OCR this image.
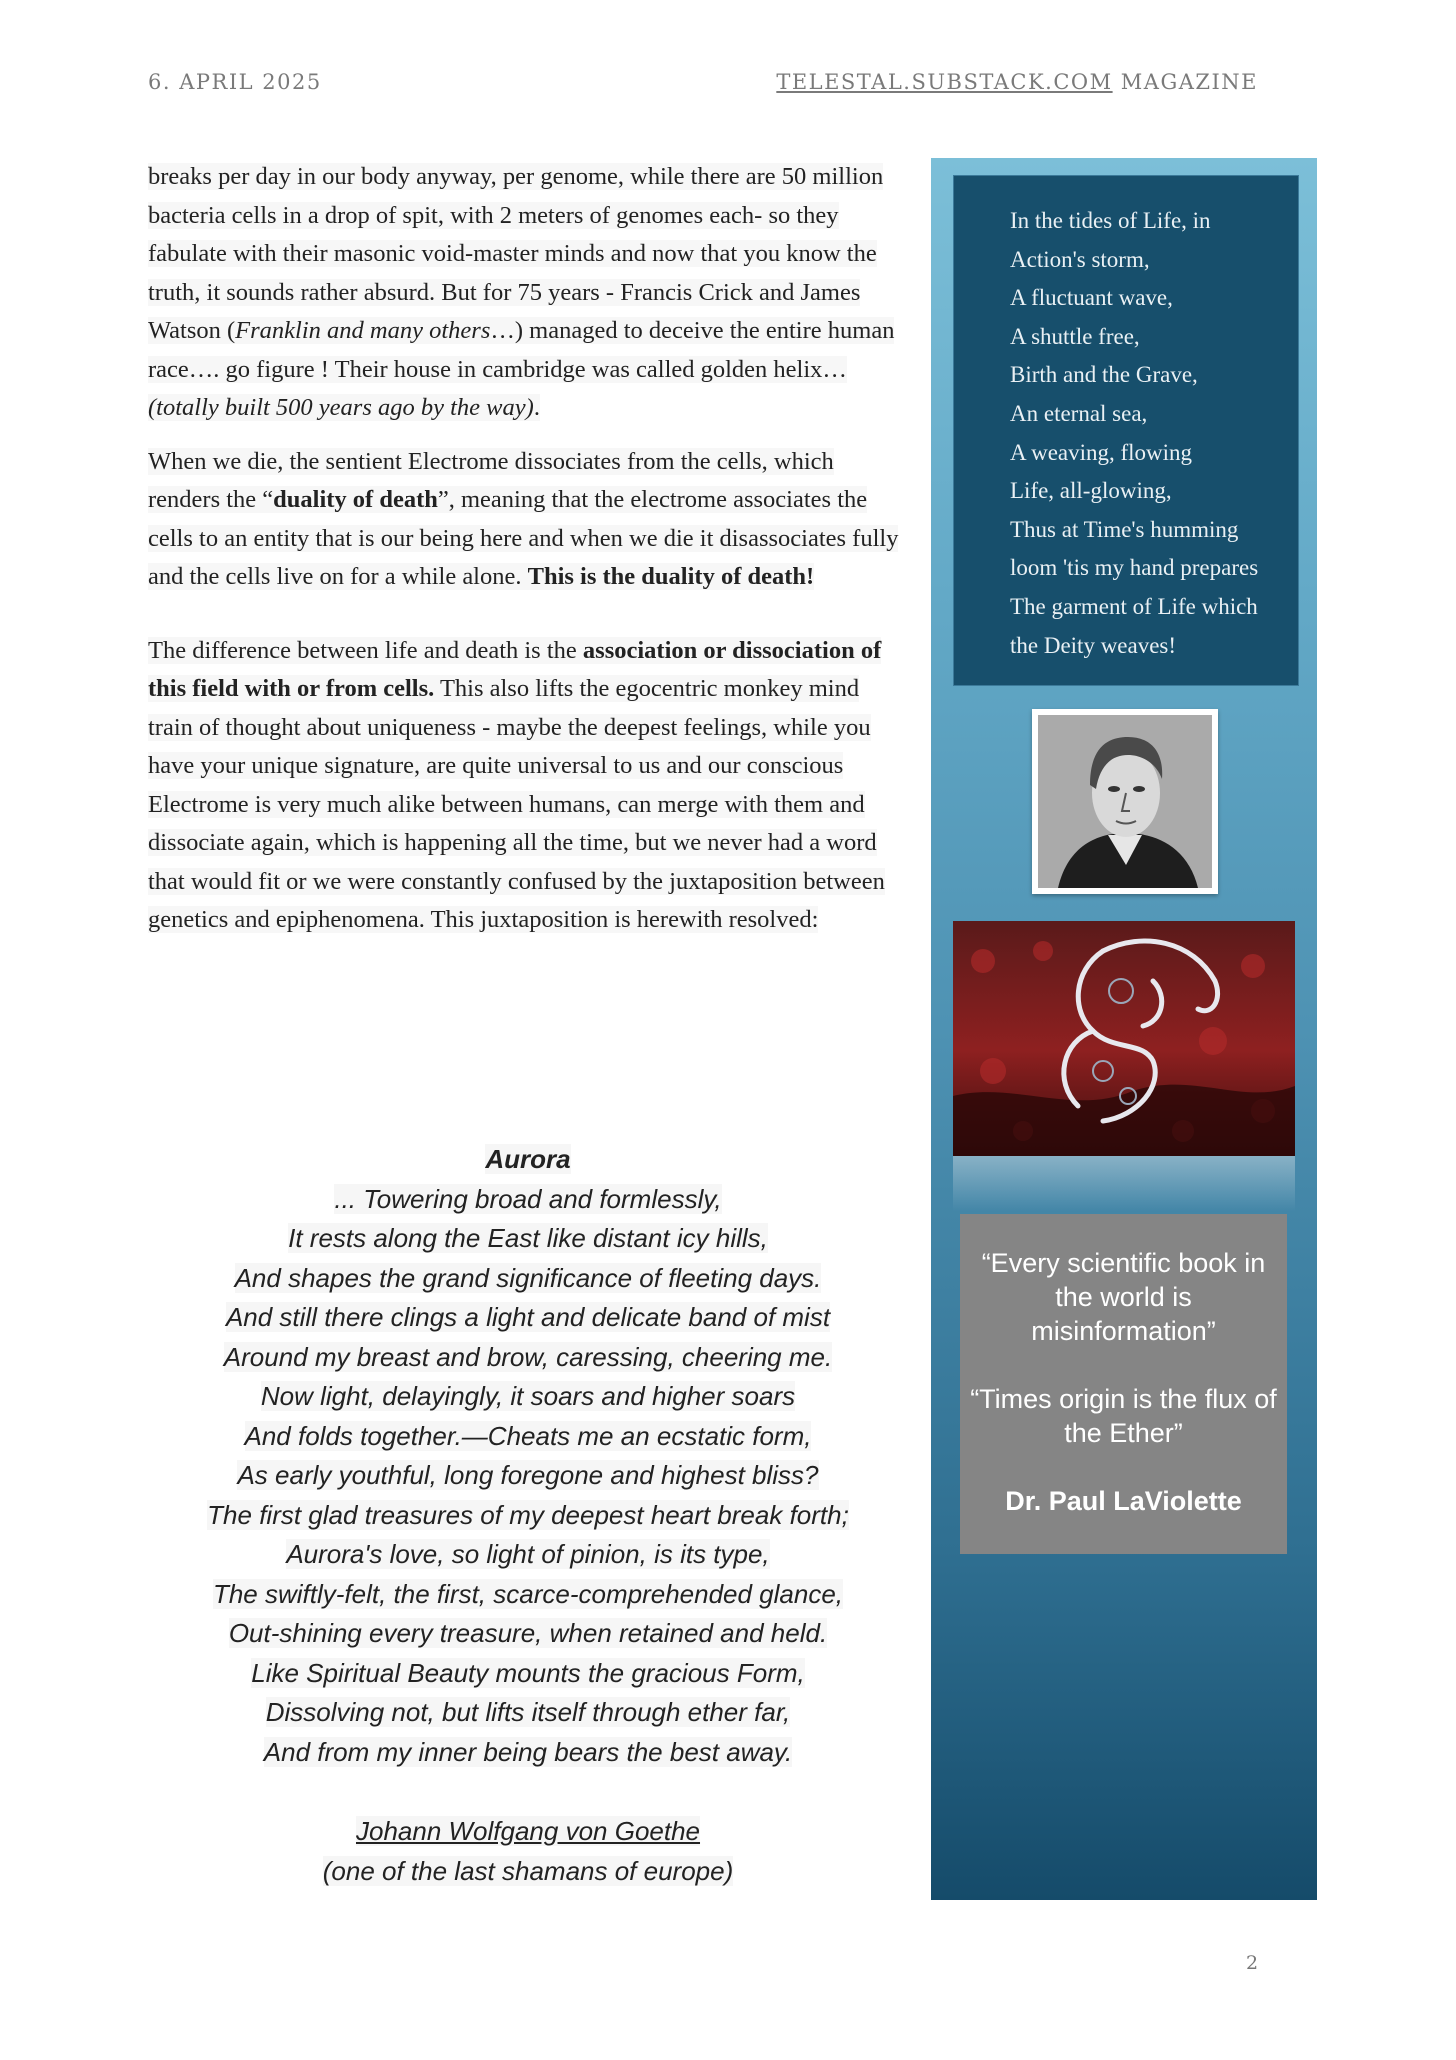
6. APRIL 2025	TELESTAL.SUBSTACK.COM MAGAZINE

breaks per day in our body anyway, per genome, while there are 50 million bacteria cells in a drop of spit, with 2 meters of genomes each- so they fabulate with their masonic void-master minds and now that you know the truth, it sounds rather absurd. But for 75 years - Francis Crick and James Watson (Franklin and many others…) managed to deceive the entire human race…. go figure ! Their house in cambridge was called golden helix… (totally built 500 years ago by the way).

When we die, the sentient Electrome dissociates from the cells, which renders the “duality of death”, meaning that the electrome associates the cells to an entity that is our being here and when we die it disassociates fully and the cells live on for a while alone. This is the duality of death!

The difference between life and death is the association or dissociation of this field with or from cells. This also lifts the egocentric monkey mind train of thought about uniqueness - maybe the deepest feelings, while you have your unique signature, are quite universal to us and our conscious Electrome is very much alike between humans, can merge with them and dissociate again, which is happening all the time, but we never had a word that would fit or we were constantly confused by the juxtaposition between genetics and epiphenomena. This juxtaposition is herewith resolved:

Aurora
... Towering broad and formlessly,
It rests along the East like distant icy hills,
And shapes the grand significance of fleeting days.
And still there clings a light and delicate band of mist
Around my breast and brow, caressing, cheering me.
Now light, delayingly, it soars and higher soars
And folds together.—Cheats me an ecstatic form,
As early youthful, long foregone and highest bliss?
The first glad treasures of my deepest heart break forth;
Aurora's love, so light of pinion, is its type,
The swiftly-felt, the first, scarce-comprehended glance,
Out-shining every treasure, when retained and held.
Like Spiritual Beauty mounts the gracious Form,
Dissolving not, but lifts itself through ether far,
And from my inner being bears the best away.
Johann Wolfgang von Goethe
(one of the last shamans of europe)
In the tides of Life, in
Action's storm,
A fluctuant wave,
A shuttle free,
Birth and the Grave,
An eternal sea,
A weaving, flowing
Life, all-glowing,
Thus at Time's humming
loom 'tis my hand prepares
The garment of Life which
the Deity weaves!
“Every scientific book in the world is misinformation”
“Times origin is the flux of the Ether”
Dr. Paul LaViolette
2
